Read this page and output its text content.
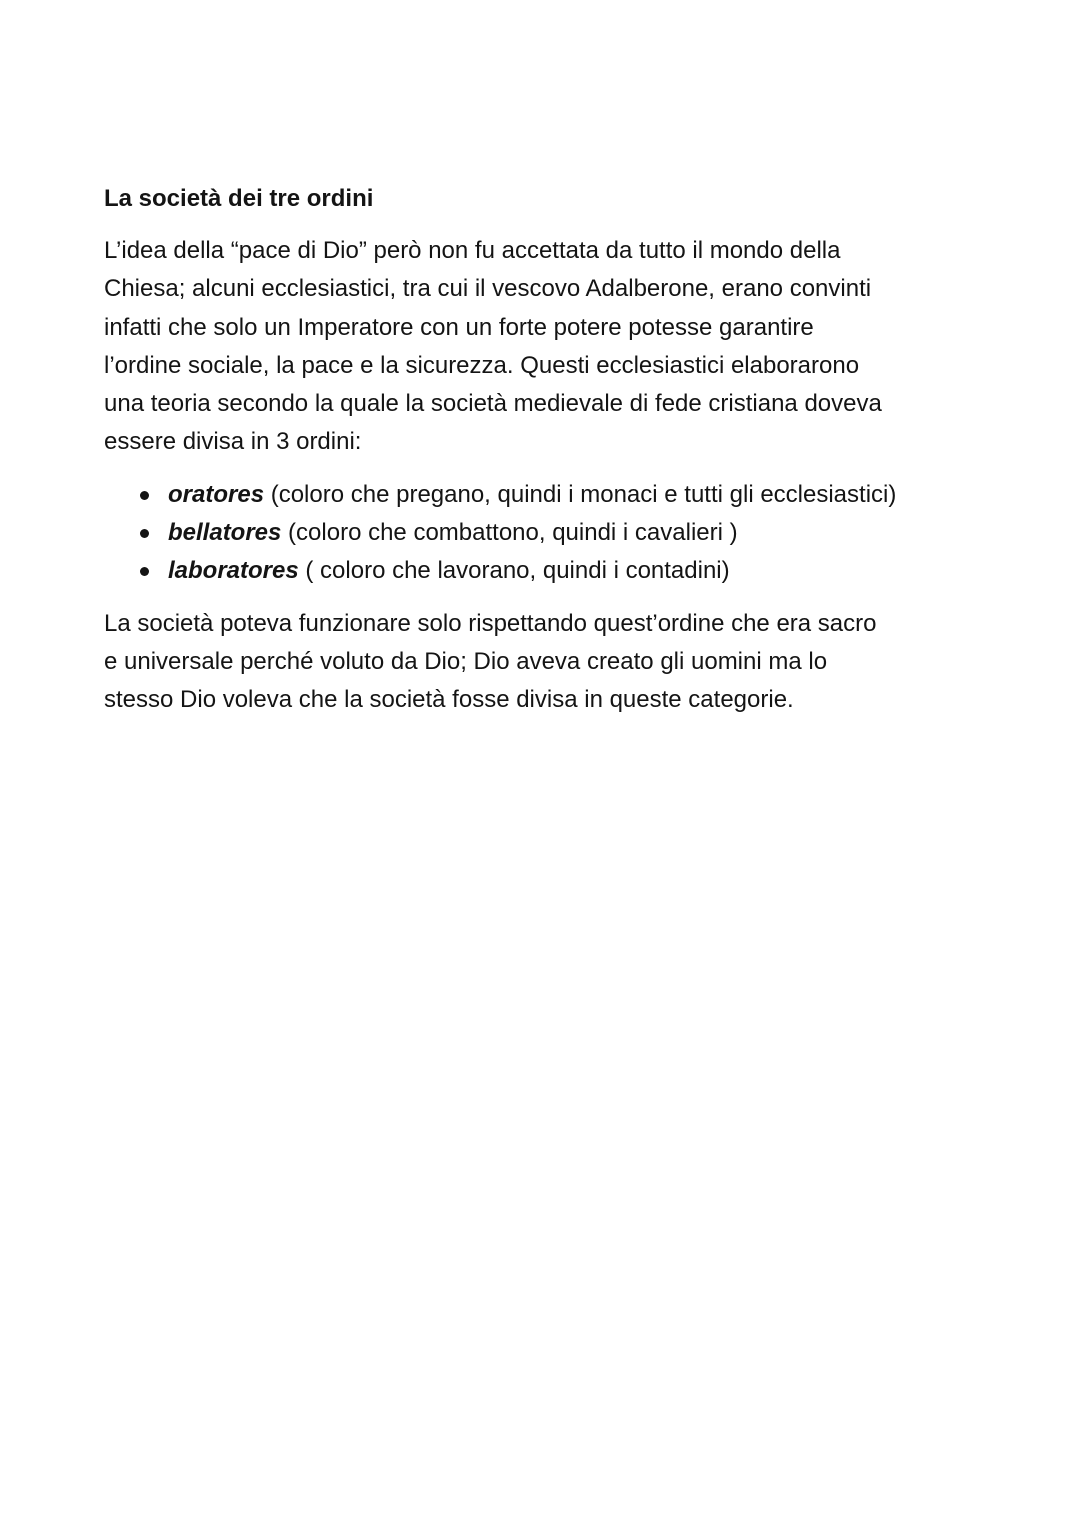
La società dei tre ordini

L’idea della “pace di Dio” però non fu accettata da tutto il mondo della
Chiesa; alcuni ecclesiastici, tra cui il vescovo Adalberone, erano convinti
infatti che solo un Imperatore con un forte potere potesse garantire
l’ordine sociale, la pace e la sicurezza. Questi ecclesiastici elaborarono
una teoria secondo la quale la società medievale di fede cristiana doveva
essere divisa in 3 ordini:

oratores (coloro che pregano, quindi i monaci e tutti gli ecclesiastici)
bellatores (coloro che combattono, quindi i cavalieri )
laboratores ( coloro che lavorano, quindi i contadini)

La società poteva funzionare solo rispettando quest’ordine che era sacro
e universale perché voluto da Dio; Dio aveva creato gli uomini ma lo
stesso Dio voleva che la società fosse divisa in queste categorie.
